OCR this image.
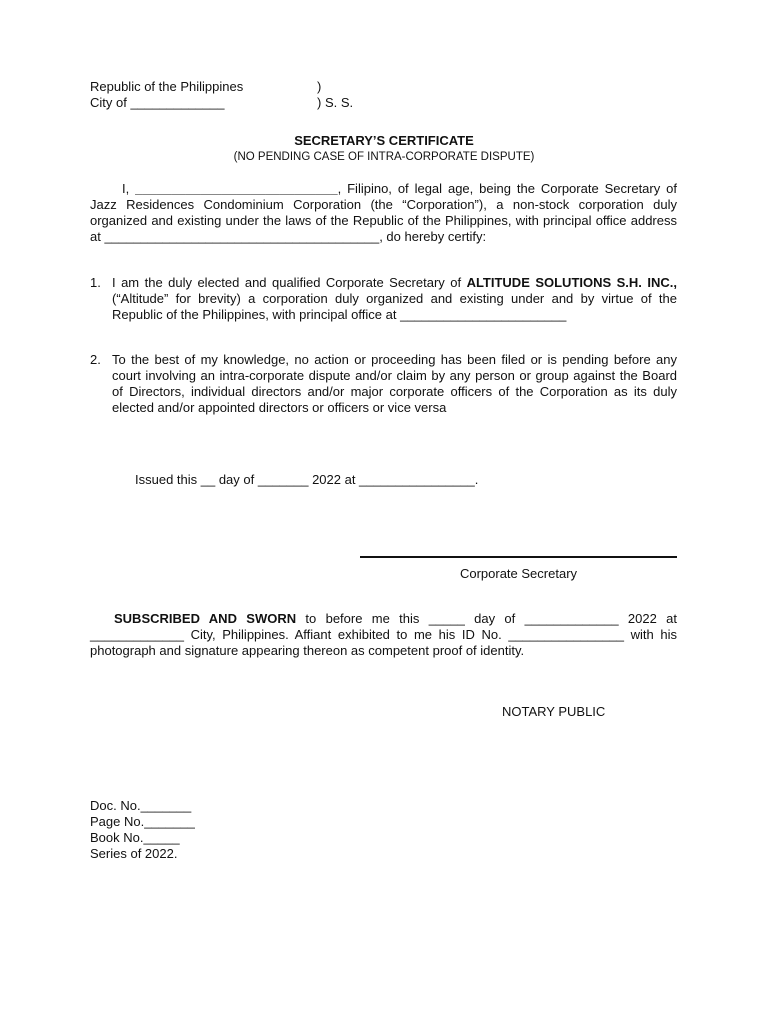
Republic of the Philippines	)
City of _____________	) S. S.
SECRETARY’S CERTIFICATE
(NO PENDING CASE OF INTRA-CORPORATE DISPUTE)
I, ____________________________, Filipino, of legal age, being the Corporate Secretary of Jazz Residences Condominium Corporation (the “Corporation”), a non-stock corporation duly organized and existing under the laws of the Republic of the Philippines, with principal office address at ______________________________________, do hereby certify:
1. I am the duly elected and qualified Corporate Secretary of ALTITUDE SOLUTIONS S.H. INC., (“Altitude” for brevity) a corporation duly organized and existing under and by virtue of the Republic of the Philippines, with principal office at _______________________
2. To the best of my knowledge, no action or proceeding has been filed or is pending before any court involving an intra-corporate dispute and/or claim by any person or group against the Board of Directors, individual directors and/or major corporate officers of the Corporation as its duly elected and/or appointed directors or officers or vice versa
Issued this __ day of _______ 2022 at ________________.
Corporate Secretary
SUBSCRIBED AND SWORN to before me this _____ day of _____________ 2022 at _____________ City, Philippines. Affiant exhibited to me his ID No. ________________ with his photograph and signature appearing thereon as competent proof of identity.
NOTARY PUBLIC
Doc. No._______
Page No._______
Book No._____
Series of 2022.
